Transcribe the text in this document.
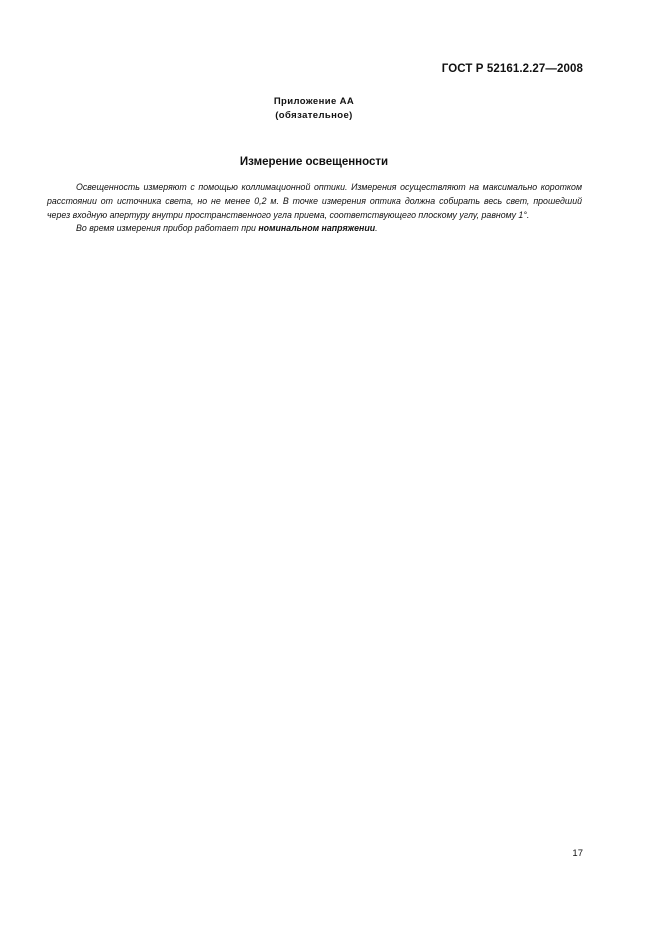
ГОСТ Р 52161.2.27—2008
Приложение АА
(обязательное)
Измерение освещенности

Освещенность измеряют с помощью коллимационной оптики. Измерения осуществляют на максимально коротком расстоянии от источника света, но не менее 0,2 м. В точке измерения оптика должна собирать весь свет, прошедший через входную апертуру внутри пространственного угла приема, соответствующего плоскому углу, равному 1°.

Во время измерения прибор работает при номинальном напряжении.

17
